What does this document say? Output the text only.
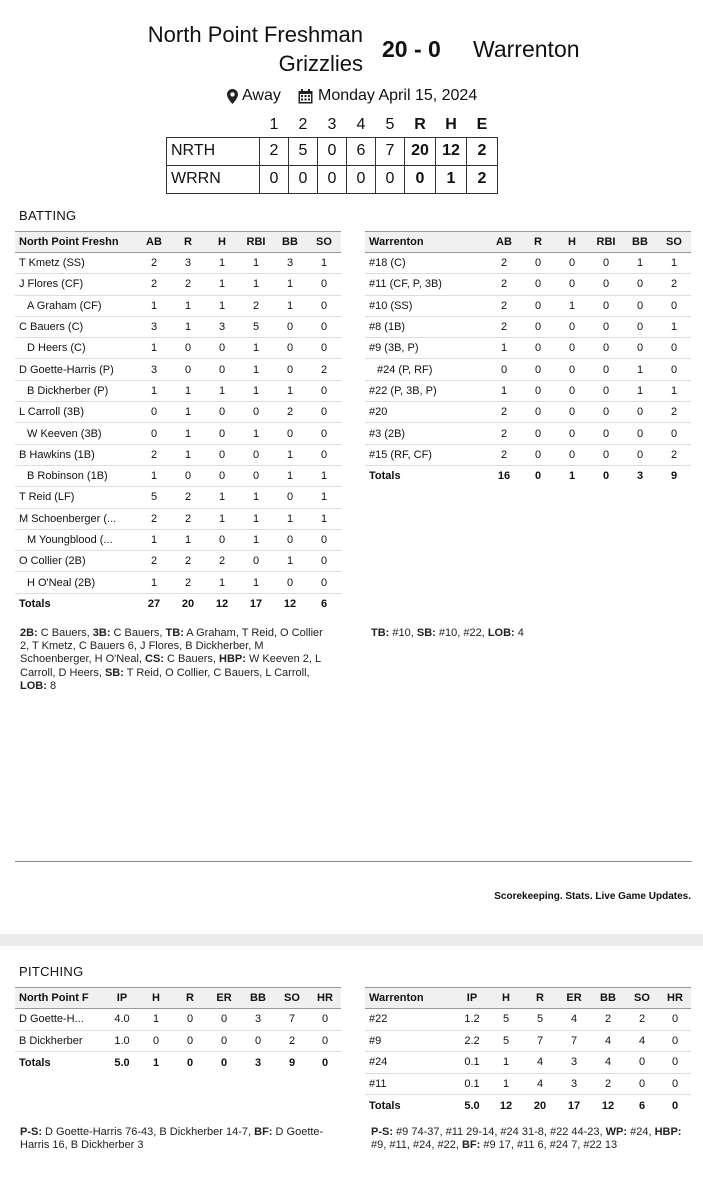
North Point Freshman
Grizzlies
20 - 0 Warrenton
Away Monday April 15, 2024
	1	2	3	4	5	R	H	E
NRTH	2	5	0	6	7	20	12	2
WRRN	0	0	0	0	0	0	1	2
BATTING
North Point Freshn	AB	R	H	RBI	BB	SO
T Kmetz (SS)	2	3	1	1	3	1
J Flores (CF)	2	2	1	1	1	0
A Graham (CF)	1	1	1	2	1	0
C Bauers (C)	3	1	3	5	0	0
D Heers (C)	1	0	0	1	0	0
D Goette-Harris (P)	3	0	0	1	0	2
B Dickherber (P)	1	1	1	1	1	0
L Carroll (3B)	0	1	0	0	2	0
W Keeven (3B)	0	1	0	1	0	0
B Hawkins (1B)	2	1	0	0	1	0
B Robinson (1B)	1	0	0	0	1	1
T Reid (LF)	5	2	1	1	0	1
M Schoenberger (...	2	2	1	1	1	1
M Youngblood (...	1	1	0	1	0	0
O Collier (2B)	2	2	2	0	1	0
H O'Neal (2B)	1	2	1	1	0	0
Totals	27	20	12	17	12	6
Warrenton	AB	R	H	RBI	BB	SO
#18 (C)	2	0	0	0	1	1
#11 (CF, P, 3B)	2	0	0	0	0	2
#10 (SS)	2	0	1	0	0	0
#8 (1B)	2	0	0	0	0	1
#9 (3B, P)	1	0	0	0	0	0
#24 (P, RF)	0	0	0	0	1	0
#22 (P, 3B, P)	1	0	0	0	1	1
#20	2	0	0	0	0	2
#3 (2B)	2	0	0	0	0	0
#15 (RF, CF)	2	0	0	0	0	2
Totals	16	0	1	0	3	9
2B: C Bauers, 3B: C Bauers, TB: A Graham, T Reid, O Collier 2, T Kmetz, C Bauers 6, J Flores, B Dickherber, M Schoenberger, H O'Neal, CS: C Bauers, HBP: W Keeven 2, L Carroll, D Heers, SB: T Reid, O Collier, C Bauers, L Carroll, LOB: 8
TB: #10, SB: #10, #22, LOB: 4
Scorekeeping. Stats. Live Game Updates.
PITCHING
North Point F	IP	H	R	ER	BB	SO	HR
D Goette-H...	4.0	1	0	0	3	7	0
B Dickherber	1.0	0	0	0	0	2	0
Totals	5.0	1	0	0	3	9	0
Warrenton	IP	H	R	ER	BB	SO	HR
#22	1.2	5	5	4	2	2	0
#9	2.2	5	7	7	4	4	0
#24	0.1	1	4	3	4	0	0
#11	0.1	1	4	3	2	0	0
Totals	5.0	12	20	17	12	6	0
P-S: D Goette-Harris 76-43, B Dickherber 14-7, BF: D Goette-Harris 16, B Dickherber 3
P-S: #9 74-37, #11 29-14, #24 31-8, #22 44-23, WP: #24, HBP: #9, #11, #24, #22, BF: #9 17, #11 6, #24 7, #22 13
